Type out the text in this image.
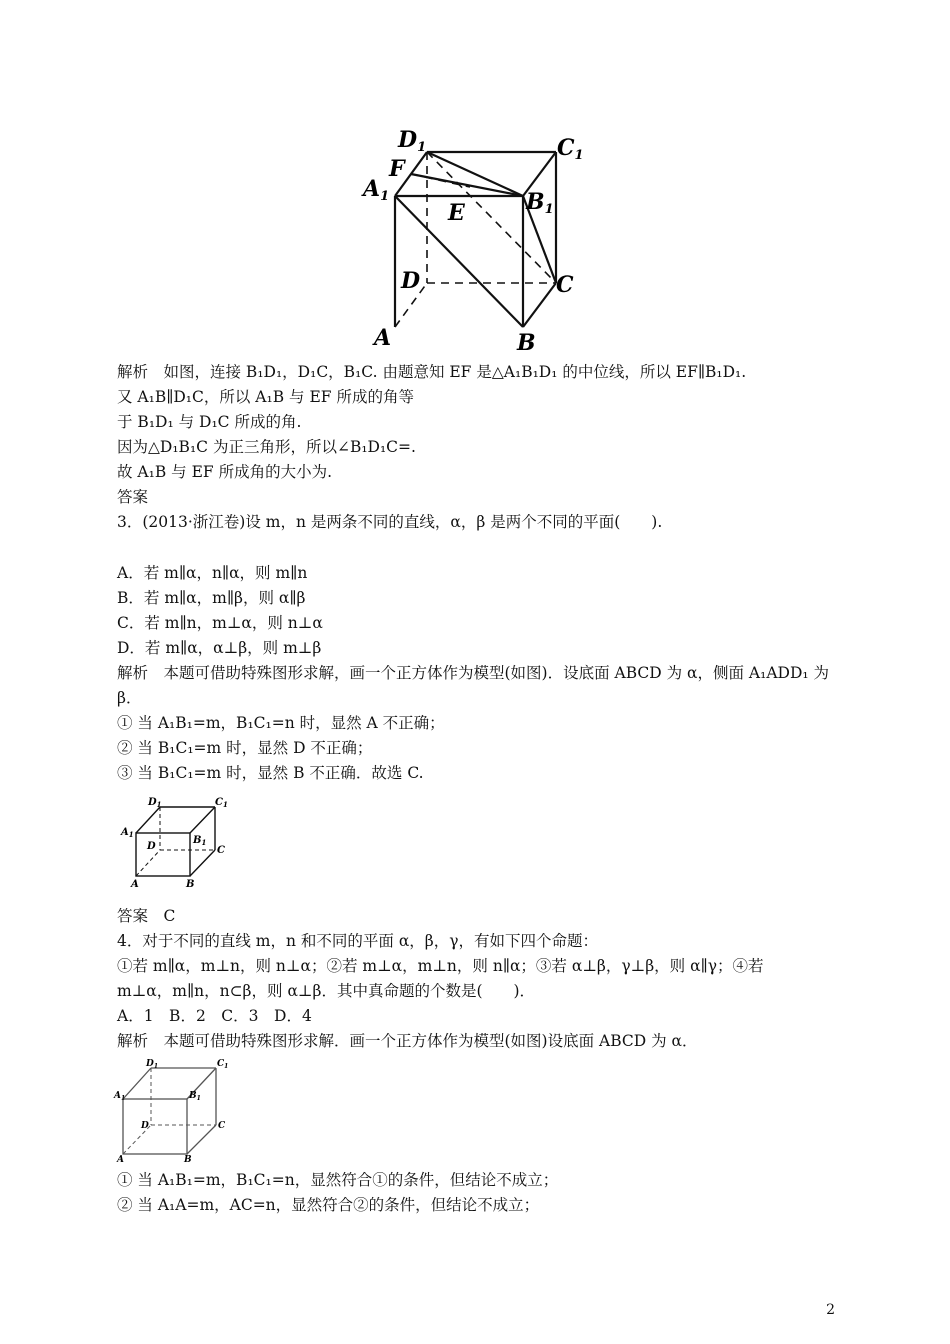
D1	C1
F
A1
E	B1
D	C
A	B
解析　如图，连接 B₁D₁，D₁C，B₁C. 由题意知 EF 是△A₁B₁D₁ 的中位线，所以 EF∥B₁D₁.
又 A₁B∥D₁C，所以 A₁B 与 EF 所成的角等
于 B₁D₁ 与 D₁C 所成的角.
因为△D₁B₁C 为正三角形，所以∠B₁D₁C=.
故 A₁B 与 EF 所成角的大小为.
答案
3．(2013·浙江卷)设 m，n 是两条不同的直线，α，β 是两个不同的平面(　　).
A．若 m∥α，n∥α，则 m∥n
B．若 m∥α，m∥β，则 α∥β
C．若 m∥n，m⊥α，则 n⊥α
D．若 m∥α，α⊥β，则 m⊥β
解析　本题可借助特殊图形求解，画一个正方体作为模型(如图)．设底面 ABCD 为 α，侧面 A₁ADD₁ 为
β．
① 当 A₁B₁=m，B₁C₁=n 时，显然 A 不正确；
② 当 B₁C₁=m 时，显然 D 不正确；
③ 当 B₁C₁=m 时，显然 B 不正确．故选 C.
$D_1$	$C_1$
$A_1$
$B_1$
D	C
A	B
答案　C
4．对于不同的直线 m，n 和不同的平面 α，β，γ，有如下四个命题：
①若 m∥α，m⊥n，则 n⊥α；②若 m⊥α，m⊥n，则 n∥α；③若 α⊥β，γ⊥β，则 α∥γ；④若
m⊥α，m∥n，n⊂β，则 α⊥β．其中真命题的个数是(　　)．
A．1　B．2　C．3　D．4
解析　本题可借助特殊图形求解．画一个正方体作为模型(如图)设底面 ABCD 为 α．
$D_1$	$C_1$
$A_1$	$B_1$
D	C
A	B
① 当 A₁B₁=m，B₁C₁=n，显然符合①的条件，但结论不成立；
② 当 A₁A=m，AC=n，显然符合②的条件，但结论不成立；
2
